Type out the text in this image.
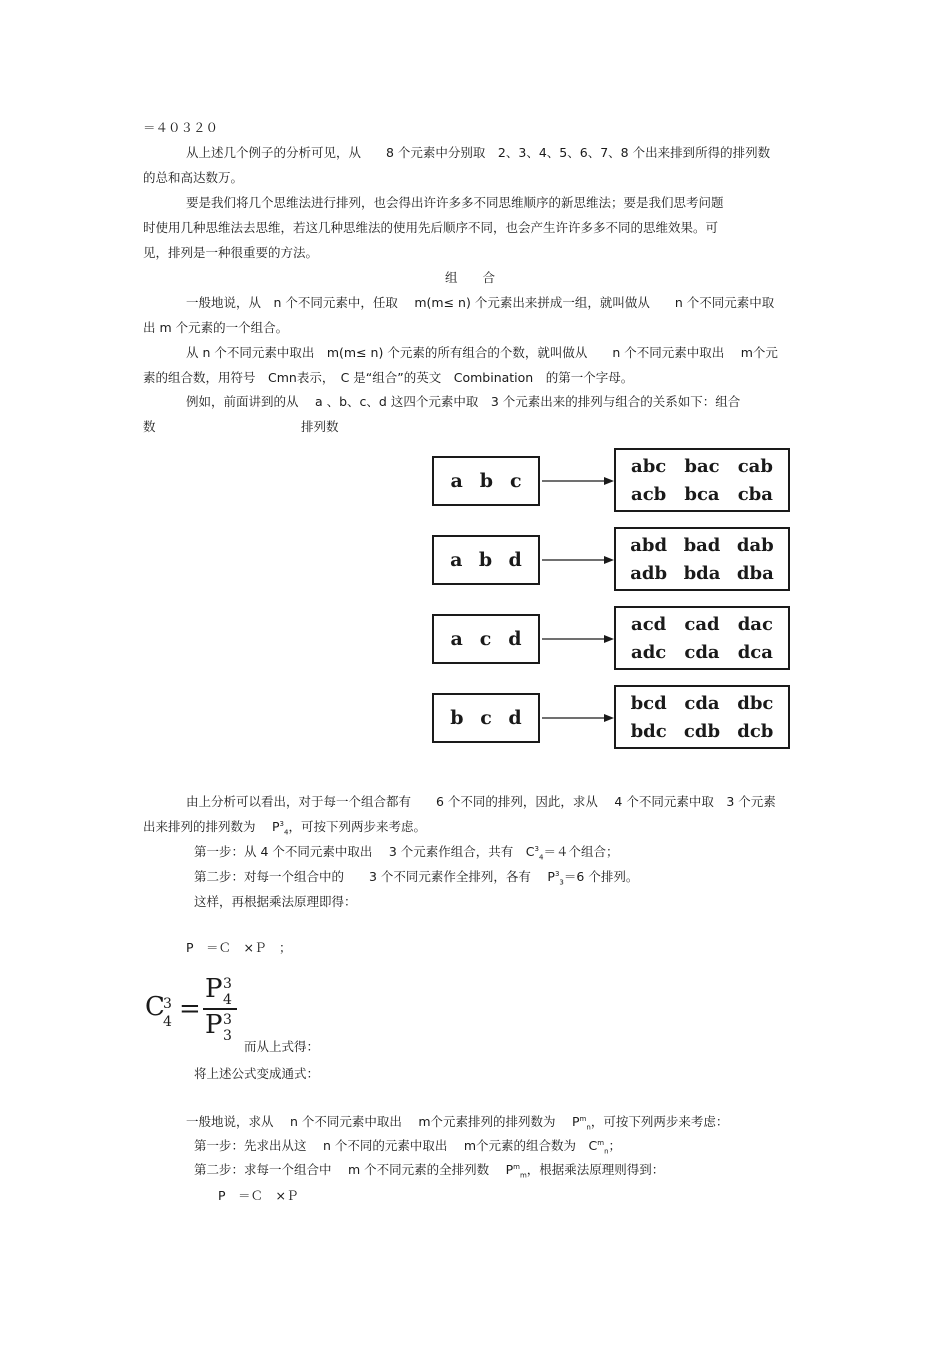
＝４０３２０
从上述几个例子的分析可见，从　　8 个元素中分别取　2、3、4、5、6、7、8 个出来排到所得的排列数
的总和高达数万。
要是我们将几个思维法进行排列，也会得出许许多多不同思维顺序的新思维法；要是我们思考问题
时使用几种思维法去思维，若这几种思维法的使用先后顺序不同，也会产生许许多多不同的思维效果。可
见，排列是一种很重要的方法。
组　　合
一般地说，从　n 个不同元素中，任取　 m(m≤ n) 个元素出来拼成一组，就叫做从　　n 个不同元素中取
出 m 个元素的一个组合。
从 n 个不同元素中取出　m(m≤ n) 个元素的所有组合的个数，就叫做从　　n 个不同元素中取出　 m个元
素的组合数，用符号　Cmn表示，　C 是“组合”的英文　Combination　的第一个字母。
例如，前面讲到的从　 a 、b、c、d 这四个元素中取　3 个元素出来的排列与组合的关系如下：组合
数	排列数
a b c
abc bac cab
acb bca cba
a b d
abd bad dab
adb bda dba
a c d
acd cad dac
adc cda dca
b c d
bcd cda dbc
bdc cdb dcb
由上分析可以看出，对于每一个组合都有　　6 个不同的排列，因此，求从　 4 个不同元素中取　3 个元素
出来排列的排列数为　 $P^3_4$，可按下列两步来考虑。
第一步：从 4 个不同元素中取出　 3 个元素作组合，共有　$C^3_4=4$个组合；
第二步：对每一个组合中的　　3 个不同元素作全排列，各有　 $P^3_3=6$ 个排列。
这样，再根据乘法原理即得：
P　＝Ｃ　×Ｐ　；
C
3
4 =
P 3
4
P 3
3
而从上式得：
将上述公式变成通式：
一般地说，求从　 n 个不同元素中取出　 m个元素排列的排列数为　 $P^m_n$，可按下列两步来考虑：
第一步：先求出从这　 n 个不同的元素中取出　 m个元素的组合数为　$C^m_n$；
第二步：求每一个组合中　 m 个不同元素的全排列数　 $P^m_m$，根据乘法原理则得到：
P　＝Ｃ　×Ｐ
